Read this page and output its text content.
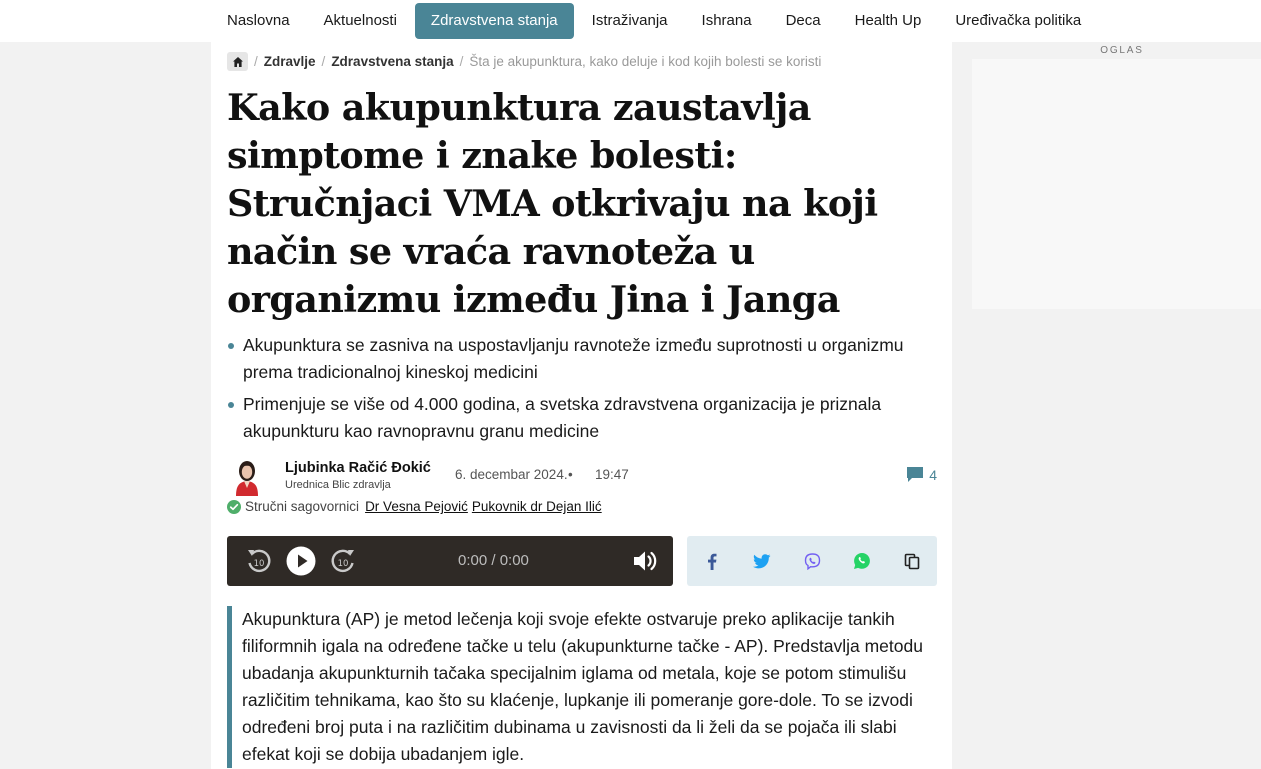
Naslovna	Aktuelnosti	Zdravstvena stanja	Istraživanja	Ishrana	Deca	Health Up	Uređivačka politika
/ Zdravlje / Zdravstvena stanja / Šta je akupunktura, kako deluje i kod kojih bolesti se koristi
Kako akupunktura zaustavlja simptome i znake bolesti: Stručnjaci VMA otkrivaju na koji način se vraća ravnoteža u organizmu između Jina i Janga
Akupunktura se zasniva na uspostavljanju ravnoteže između suprotnosti u organizmu prema tradicionalnoj kineskoj medicini
Primenjuje se više od 4.000 godina, a svetska zdravstvena organizacija je priznala akupunkturu kao ravnopravnu granu medicine
Ljubinka Račić Đokić
Urednica Blic zdravlja
6. decembar 2024. • 19:47	4
Stručni sagovornici Dr Vesna Pejović Pukovnik dr Dejan Ilić
10	10	0:00 / 0:00

Akupunktura (AP) je metod lečenja koji svoje efekte ostvaruje preko aplikacije tankih filiformnih igala na određene tačke u telu (akupunkturne tačke - AP). Predstavlja metodu ubadanja akupunkturnih tačaka specijalnim iglama od metala, koje se potom stimulišu različitim tehnikama, kao što su klaćenje, lupkanje ili pomeranje gore-dole. To se izvodi određeni broj puta i na različitim dubinama u zavisnosti da li želi da se pojača ili slabi efekat koji se dobija ubadanjem igle.

OGLAS
